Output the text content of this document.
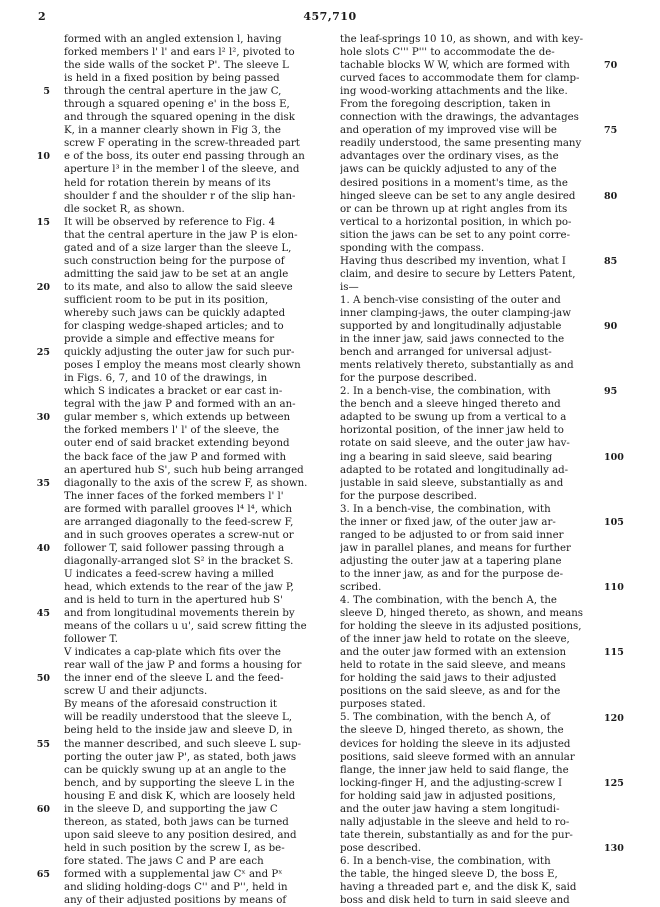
2	457,710
formed with an angled extension l, having
forked members l' l' and ears l² l², pivoted to
the side walls of the socket P'. The sleeve L
is held in a fixed position by being passed
through the central aperture in the jaw C,
through a squared opening e' in the boss E,
and through the squared opening in the disk
K, in a manner clearly shown in Fig 3, the
screw F operating in the screw-threaded part
e of the boss, its outer end passing through an
aperture l³ in the member l of the sleeve, and
held for rotation therein by means of its
shoulder f and the shoulder r of the slip han-
dle socket R, as shown.
It will be observed by reference to Fig. 4
that the central aperture in the jaw P is elon-
gated and of a size larger than the sleeve L,
such construction being for the purpose of
admitting the said jaw to be set at an angle
to its mate, and also to allow the said sleeve
sufficient room to be put in its position,
whereby such jaws can be quickly adapted
for clasping wedge-shaped articles; and to
provide a simple and effective means for
quickly adjusting the outer jaw for such pur-
poses I employ the means most clearly shown
in Figs. 6, 7, and 10 of the drawings, in
which S indicates a bracket or ear cast in-
tegral with the jaw P and formed with an an-
gular member s, which extends up between
the forked members l' l' of the sleeve, the
outer end of said bracket extending beyond
the back face of the jaw P and formed with
an apertured hub S', such hub being arranged
diagonally to the axis of the screw F, as shown.
The inner faces of the forked members l' l'
are formed with parallel grooves l⁴ l⁴, which
are arranged diagonally to the feed-screw F,
and in such grooves operates a screw-nut or
follower T, said follower passing through a
diagonally-arranged slot S² in the bracket S.
U indicates a feed-screw having a milled
head, which extends to the rear of the jaw P,
and is held to turn in the apertured hub S'
and from longitudinal movements therein by
means of the collars u u', said screw fitting the
follower T.
V indicates a cap-plate which fits over the
rear wall of the jaw P and forms a housing for
the inner end of the sleeve L and the feed-
screw U and their adjuncts.
By means of the aforesaid construction it
will be readily understood that the sleeve L,
being held to the inside jaw and sleeve D, in
the manner described, and such sleeve L sup-
porting the outer jaw P', as stated, both jaws
can be quickly swung up at an angle to the
bench, and by supporting the sleeve L in the
housing E and disk K, which are loosely held
in the sleeve D, and supporting the jaw C
thereon, as stated, both jaws can be turned
upon said sleeve to any position desired, and
held in such position by the screw I, as be-
fore stated. The jaws C and P are each
formed with a supplemental jaw Cˣ and Pˣ
and sliding holding-dogs C'' and P'', held in
any of their adjusted positions by means of
the leaf-springs 10 10, as shown, and with key-
hole slots C''' P''' to accommodate the de-
tachable blocks W W, which are formed with
curved faces to accommodate them for clamp-
ing wood-working attachments and the like.
From the foregoing description, taken in
connection with the drawings, the advantages
and operation of my improved vise will be
readily understood, the same presenting many
advantages over the ordinary vises, as the
jaws can be quickly adjusted to any of the
desired positions in a moment's time, as the
hinged sleeve can be set to any angle desired
or can be thrown up at right angles from its
vertical to a horizontal position, in which po-
sition the jaws can be set to any point corre-
sponding with the compass.
Having thus described my invention, what I
claim, and desire to secure by Letters Patent,
is—
1. A bench-vise consisting of the outer and
inner clamping-jaws, the outer clamping-jaw
supported by and longitudinally adjustable
in the inner jaw, said jaws connected to the
bench and arranged for universal adjust-
ments relatively thereto, substantially as and
for the purpose described.
2. In a bench-vise, the combination, with
the bench and a sleeve hinged thereto and
adapted to be swung up from a vertical to a
horizontal position, of the inner jaw held to
rotate on said sleeve, and the outer jaw hav-
ing a bearing in said sleeve, said bearing
adapted to be rotated and longitudinally ad-
justable in said sleeve, substantially as and
for the purpose described.
3. In a bench-vise, the combination, with
the inner or fixed jaw, of the outer jaw ar-
ranged to be adjusted to or from said inner
jaw in parallel planes, and means for further
adjusting the outer jaw at a tapering plane
to the inner jaw, as and for the purpose de-
scribed.
4. The combination, with the bench A, the
sleeve D, hinged thereto, as shown, and means
for holding the sleeve in its adjusted positions,
of the inner jaw held to rotate on the sleeve,
and the outer jaw formed with an extension
held to rotate in the said sleeve, and means
for holding the said jaws to their adjusted
positions on the said sleeve, as and for the
purposes stated.
5. The combination, with the bench A, of
the sleeve D, hinged thereto, as shown, the
devices for holding the sleeve in its adjusted
positions, said sleeve formed with an annular
flange, the inner jaw held to said flange, the
locking-finger H, and the adjusting-screw I
for holding said jaw in adjusted positions,
and the outer jaw having a stem longitudi-
nally adjustable in the sleeve and held to ro-
tate therein, substantially as and for the pur-
pose described.
6. In a bench-vise, the combination, with
the table, the hinged sleeve D, the boss E,
having a threaded part e, and the disk K, said
boss and disk held to turn in said sleeve and
5
10
15
20
25
30
35
40
45
50
55
60
65
70
75
80
85
90
95
100
105
110
115
120
125
130
